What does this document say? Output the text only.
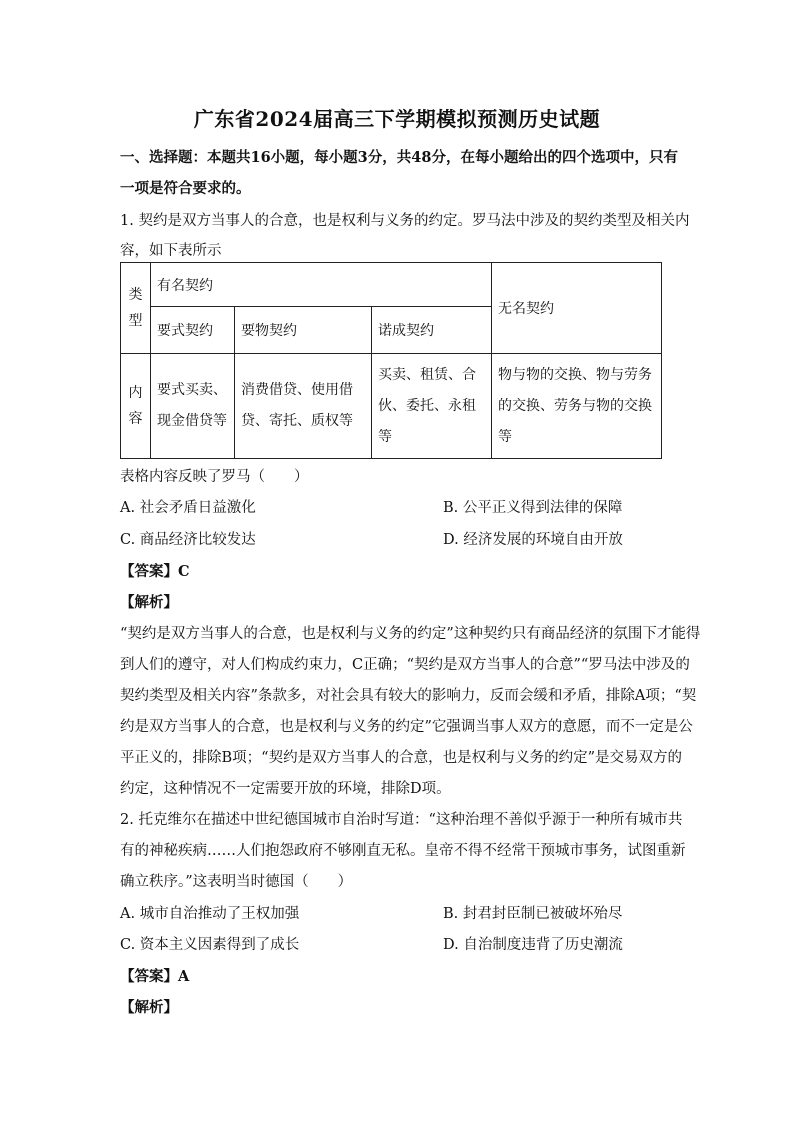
广东省2024届高三下学期模拟预测历史试题
一、选择题：本题共16小题，每小题3分，共48分，在每小题给出的四个选项中，只有
一项是符合要求的。
1. 契约是双方当事人的合意，也是权利与义务的约定。罗马法中涉及的契约类型及相关内
容，如下表所示
类型	有名契约			无名契约
	要式契约	要物契约	诺成契约	
内容	要式买卖、现金借贷等	消费借贷、使用借贷、寄托、质权等	买卖、租赁、合伙、委托、永租等	物与物的交换、物与劳务的交换、劳务与物的交换等
表格内容反映了罗马（　　）
A. 社会矛盾日益激化	B. 公平正义得到法律的保障
C. 商品经济比较发达	D. 经济发展的环境自由开放
【答案】C
【解析】
“契约是双方当事人的合意，也是权利与义务的约定”这种契约只有商品经济的氛围下才能得
到人们的遵守，对人们构成约束力，C正确；“契约是双方当事人的合意”“罗马法中涉及的
契约类型及相关内容”条款多，对社会具有较大的影响力，反而会缓和矛盾，排除A项；“契
约是双方当事人的合意，也是权利与义务的约定”它强调当事人双方的意愿，而不一定是公
平正义的，排除B项；“契约是双方当事人的合意，也是权利与义务的约定”是交易双方的
约定，这种情况不一定需要开放的环境，排除D项。
2. 托克维尔在描述中世纪德国城市自治时写道：“这种治理不善似乎源于一种所有城市共
有的神秘疾病……人们抱怨政府不够刚直无私。皇帝不得不经常干预城市事务，试图重新
确立秩序。”这表明当时德国（　　）
A. 城市自治推动了王权加强	B. 封君封臣制已被破坏殆尽
C. 资本主义因素得到了成长	D. 自治制度违背了历史潮流
【答案】A
【解析】
